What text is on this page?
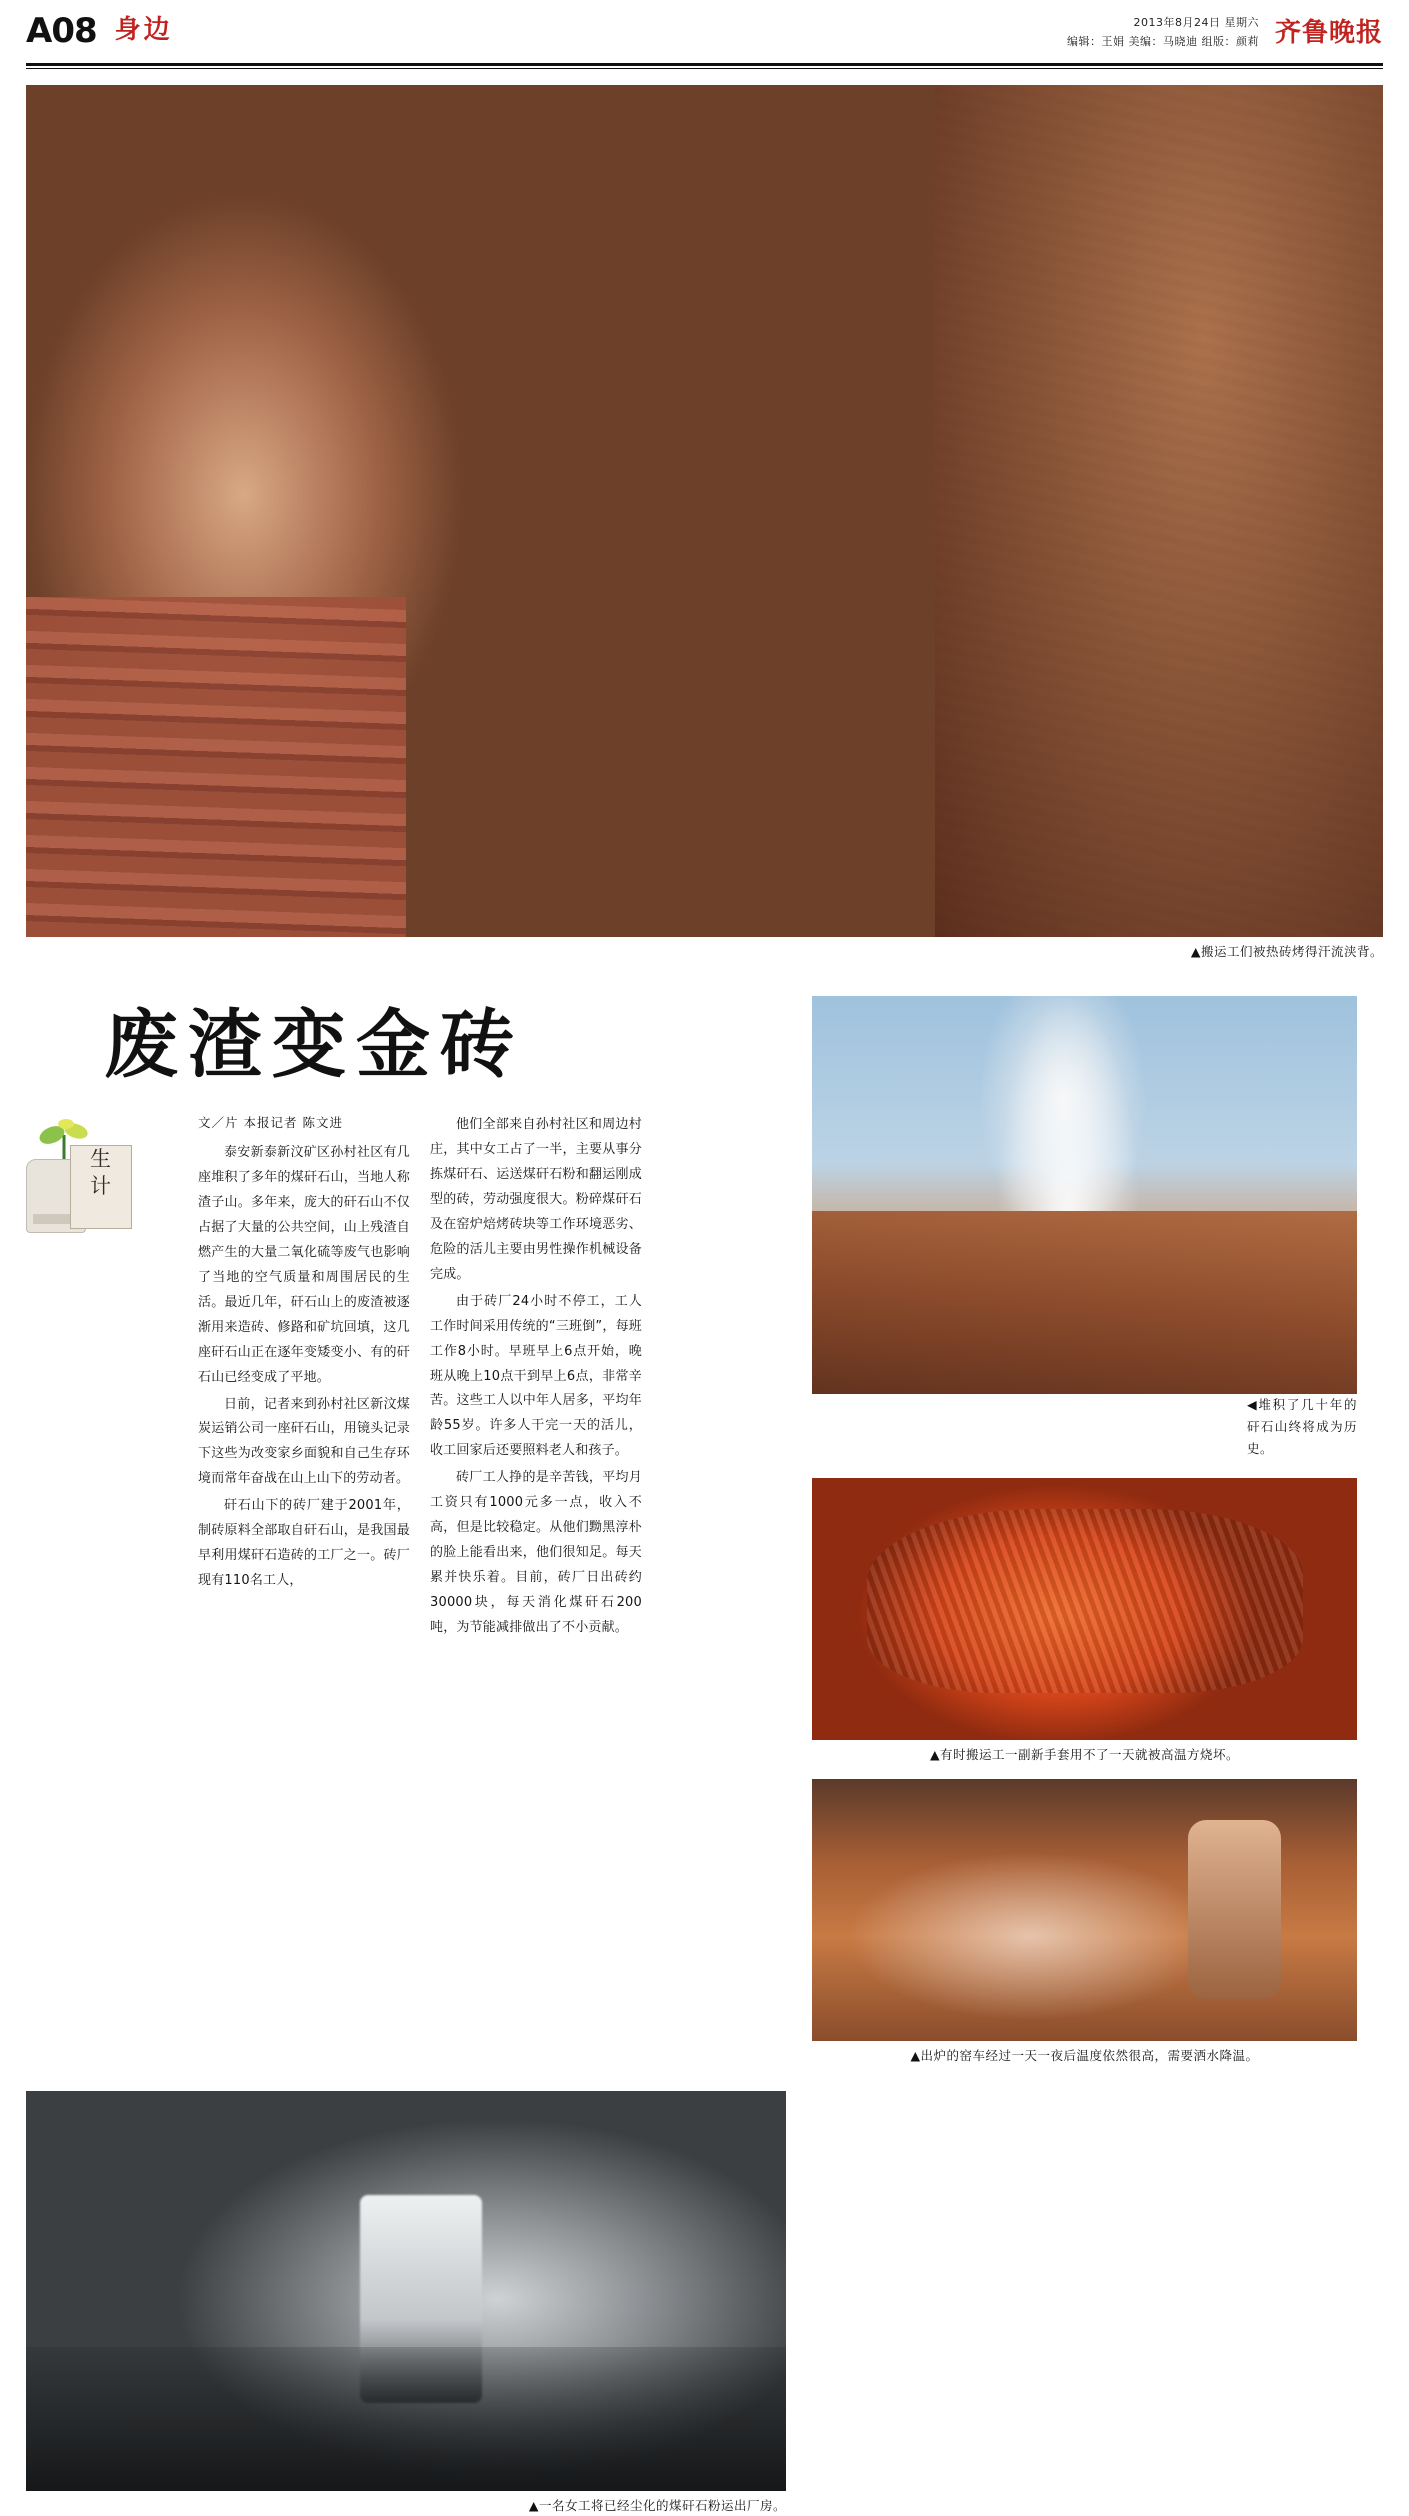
A08 身边	2013年8月24日 星期六
编辑：王娟 美编：马晓迪 组版：颜莉 齐鲁晚报
▲搬运工们被热砖烤得汗流浃背。
废渣变金砖
生
计
文／片 本报记者 陈文进

泰安新泰新汶矿区孙村社区有几座堆积了多年的煤矸石山，当地人称渣子山。多年来，庞大的矸石山不仅占据了大量的公共空间，山上残渣自燃产生的大量二氧化硫等废气也影响了当地的空气质量和周围居民的生活。最近几年，矸石山上的废渣被逐渐用来造砖、修路和矿坑回填，这几座矸石山正在逐年变矮变小、有的矸石山已经变成了平地。

日前，记者来到孙村社区新汶煤炭运销公司一座矸石山，用镜头记录下这些为改变家乡面貌和自己生存环境而常年奋战在山上山下的劳动者。

矸石山下的砖厂建于2001年，制砖原料全部取自矸石山，是我国最早利用煤矸石造砖的工厂之一。砖厂现有110名工人，

他们全部来自孙村社区和周边村庄，其中女工占了一半，主要从事分拣煤矸石、运送煤矸石粉和翻运刚成型的砖，劳动强度很大。粉碎煤矸石及在窑炉焙烤砖块等工作环境恶劣、危险的活儿主要由男性操作机械设备完成。

由于砖厂24小时不停工，工人工作时间采用传统的“三班倒”，每班工作8小时。早班早上6点开始，晚班从晚上10点干到早上6点，非常辛苦。这些工人以中年人居多，平均年龄55岁。许多人干完一天的活儿，收工回家后还要照料老人和孩子。

砖厂工人挣的是辛苦钱，平均月工资只有1000元多一点，收入不高，但是比较稳定。从他们黝黑淳朴的脸上能看出来，他们很知足。每天累并快乐着。目前，砖厂日出砖约30000块，每天消化煤矸石200吨，为节能减排做出了不小贡献。

◀堆积了几十年的矸石山终将成为历史。
▲有时搬运工一副新手套用不了一天就被高温方烧坏。
▲出炉的窑车经过一天一夜后温度依然很高，需要洒水降温。
▲一名女工将已经尘化的煤矸石粉运出厂房。
